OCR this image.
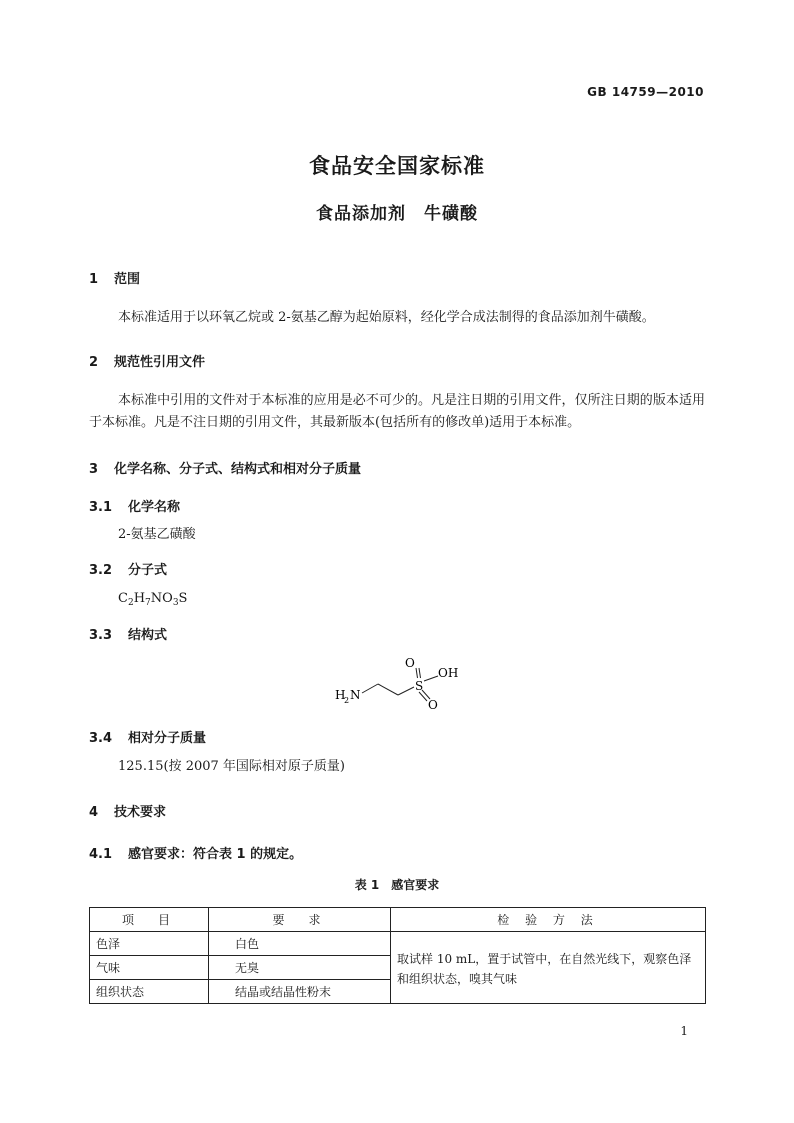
GB 14759—2010
食品安全国家标准
食品添加剂　牛磺酸
1 范围
本标准适用于以环氧乙烷或 2-氨基乙醇为起始原料，经化学合成法制得的食品添加剂牛磺酸。
2 规范性引用文件
本标准中引用的文件对于本标准的应用是必不可少的。凡是注日期的引用文件，仅所注日期的版本适用于本标准。凡是不注日期的引用文件，其最新版本(包括所有的修改单)适用于本标准。
3 化学名称、分子式、结构式和相对分子质量
3.1 化学名称
2-氨基乙磺酸
3.2 分子式
$C_2H_7NO_3S$
3.3 结构式
H
2 N
S
O
O
OH
3.4 相对分子质量
125.15(按 2007 年国际相对原子质量)
4 技术要求
4.1 感官要求：符合表 1 的规定。
表 1　感官要求
项　目	要　求	检 验 方 法
色泽	白色	取试样 10 mL，置于试管中，在自然光线下，观察色泽和组织状态，嗅其气味
气味	无臭	
组织状态	结晶或结晶性粉末	
1
